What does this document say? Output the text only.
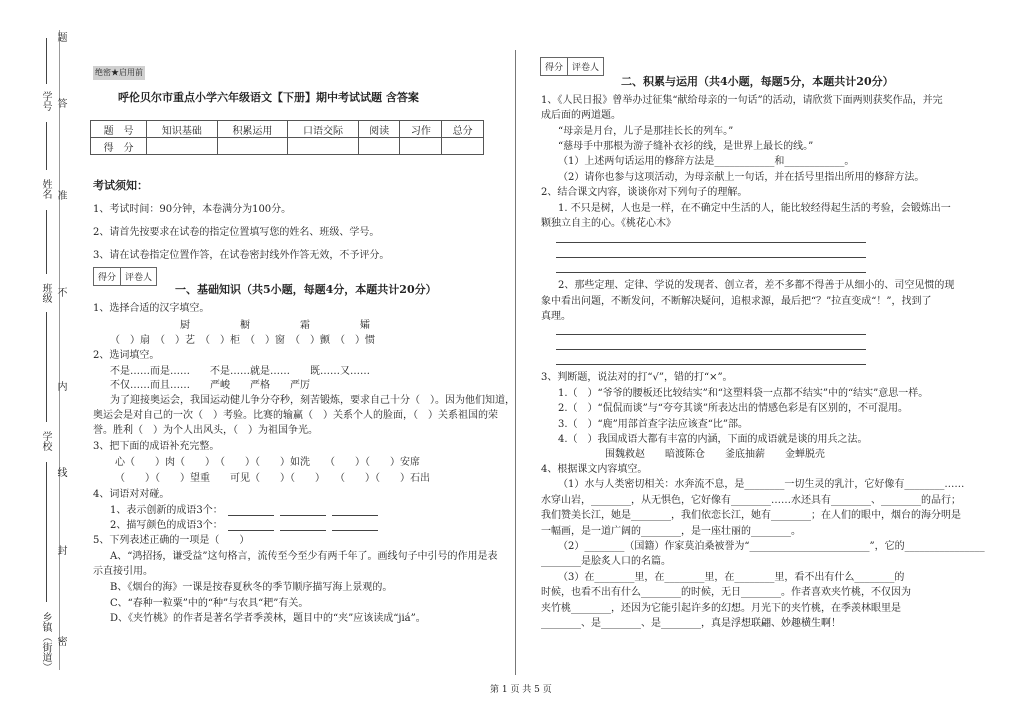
题
学号 答
姓名 准
班级 不
内
学校
线
封
乡镇（街道） 密
绝密★启用前
呼伦贝尔市重点小学六年级语文【下册】期中考试试题 含答案
题　号	知识基础	积累运用	口语交际	阅读	习作	总分
得　分						
考试须知：
1、考试时间：90分钟，本卷满分为100分。
2、请首先按要求在试卷的指定位置填写您的姓名、班级、学号。
3、请在试卷指定位置作答，在试卷密封线外作答无效，不予评分。
得分 评卷人
一、基础知识（共5小题，每题4分，本题共计20分）
1、选择合适的汉字填空。
厨　　　　　橱　　　　　霜　　　　　孀
（　）扇　（　）艺　（　）柜　（　）窗　（　）颤　（　）惯
2、选词填空。
不是……而是……　　不是……就是……　　既……又……
不仅……而且……　　严峻　　严格　　严厉
为了迎接奥运会，我国运动健儿争分夺秒，刻苦锻炼，要求自己十分（　）。因为他们知道，
奥运会是对自己的一次（　）考验。比赛的输赢（　）关系个人的脸面，（　）关系祖国的荣
誉。胜利（　）为个人出风头，（　）为祖国争光。
3、把下面的成语补充完整。
心（　　）肉（　　）　（　　）（　　）如洗　　（　　）（　　）安席
（　　）（　　）望重　　可见（　　）（　　）　　（　　）（　　）石出
4、词语对对碰。
1、表示创新的成语3个：
2、描写颜色的成语3个：
5、下列表述正确的一项是（　　）
A、“鸿招扬，谦受益”这句格言，流传至今至少有两千年了。画线句子中引号的作用是表
示直接引用。
B、《烟台的海》一课是按春夏秋冬的季节顺序描写海上景观的。
C、“春种一粒粟”中的“种”与农具“耙”有关。
D、《夹竹桃》的作者是著名学者季羡林，题目中的“夹”应该读成“jiá”。
得分 评卷人
二、积累与运用（共4小题，每题5分，本题共计20分）
1、《人民日报》曾举办过征集“献给母亲的一句话”的活动，请欣赏下面两则获奖作品，并完
成后面的两道题。
“母亲是月台，儿子是那挂长长的列车。”
“慈母手中那根为游子缝补衣衫的线，是世界上最长的线。”
（1）上述两句话运用的修辞方法是____________和____________。
（2）请你也参与这项活动，为母亲献上一句话，并在括号里指出所用的修辞方法。
2、结合课文内容，谈谈你对下列句子的理解。
1. 不只是树，人也是一样，在不确定中生活的人，能比较经得起生活的考验，会锻炼出一
颗独立自主的心。《桃花心木》
2、那些定理、定律、学说的发现者、创立者，差不多都不得善于从细小的、司空见惯的现
象中看出问题，不断发问，不断解决疑问，追根求源，最后把“？”拉直变成“！”，找到了
真理。
3、判断题，说法对的打“√”，错的打“×”。
1.（　）“爷爷的腰板还比较结实”和“这塑料袋一点都不结实”中的“结实”意思一样。
2.（　）“侃侃而谈”与“夸夸其谈”所表达出的情感色彩是有区别的，不可混用。
3.（　）“鹿”用部首查字法应该查“比”部。
4.（　）我国成语大都有丰富的内涵，下面的成语就是谈的用兵之法。
围魏救赵　　暗渡陈仓　　釜底抽薪　　金蝉脱壳
4、根据课文内容填空。
（1）水与人类密切相关：水奔流不息，是________一切生灵的乳汁，它好像有________……
水穿山岩，________，从无惧色，它好像有________……水还具有________、________的品行；
我们赞美长江，她是________，我们依恋长江，她有________；在人们的眼中，烟台的海分明是
一幅画，是一道广阔的________，是一座壮丽的________。
（2）________（国籍）作家莫泊桑被誉为“________________________”，它的________________
________是脍炙人口的名篇。
（3）在________里，在________里，在________里，看不出有什么________的
时候，也看不出有什么________的时候，无日________。作者喜欢夹竹桃，不仅因为
夹竹桃________，还因为它能引起许多的幻想。月光下的夹竹桃，在季羡林眼里是
________、是________、是________，真是浮想联翩、妙趣横生啊！
第 1 页 共 5 页
